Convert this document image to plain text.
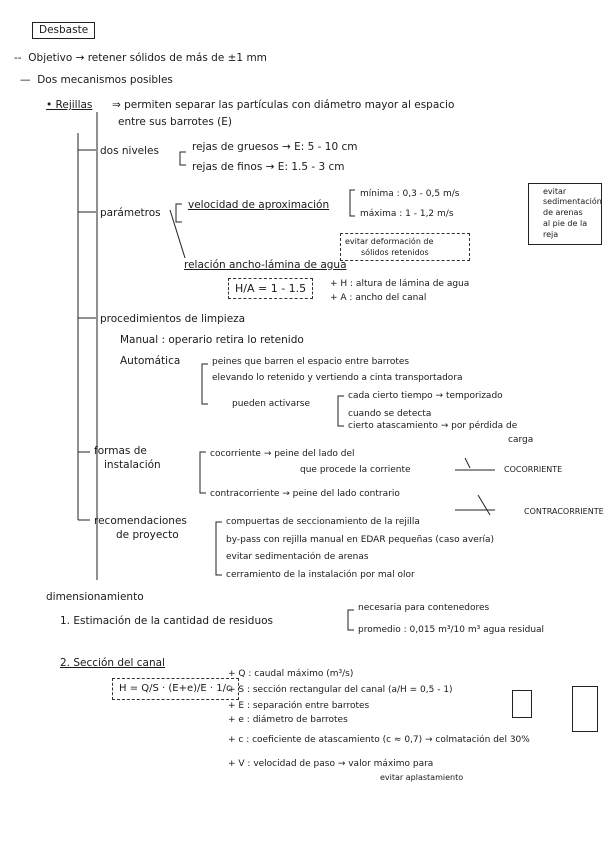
Desbaste
-- Objetivo → retener sólidos de más de ±1 mm
— Dos mecanismos posibles
• Rejillas ⇒ permiten separar las partículas con diámetro mayor al espacio
entre sus barrotes (E)
dos niveles	rejas de gruesos → E: 5 - 10 cm
rejas de finos → E: 1.5 - 3 cm
parámetros
velocidad de aproximación
mínima : 0,3 - 0,5 m/s
máxima : 1 - 1,2 m/s
evitar
sedimentación
de arenas
al pie de la
reja
evitar deformación de
sólidos retenidos
relación ancho-lámina de agua
H/A = 1 - 1.5	+ H : altura de lámina de agua
+ A : ancho del canal
procedimientos de limpieza
Manual : operario retira lo retenido
Automática	peines que barren el espacio entre barrotes
elevando lo retenido y vertiendo a cinta transportadora
pueden activarse
cada cierto tiempo → temporizado
cuando se detecta
cierto atascamiento → por pérdida de
carga
formas de
instalación
cocorriente → peine del lado del
que procede la corriente	COCORRIENTE
contracorriente → peine del lado contrario
CONTRACORRIENTE
recomendaciones
de proyecto
compuertas de seccionamiento de la rejilla
by-pass con rejilla manual en EDAR pequeñas (caso avería)
evitar sedimentación de arenas
cerramiento de la instalación por mal olor
dimensionamiento
1. Estimación de la cantidad de residuos
necesaria para contenedores
promedio : 0,015 m³/10 m³ agua residual
2. Sección del canal
H = Q/S · (E+e)/E · 1/c
+ Q : caudal máximo (m³/s)
+ S : sección rectangular del canal (a/H = 0,5 - 1)
+ E : separación entre barrotes
+ e : diámetro de barrotes
+ c : coeficiente de atascamiento (c ≈ 0,7) → colmatación del 30%
+ V : velocidad de paso → valor máximo para
evitar aplastamiento
